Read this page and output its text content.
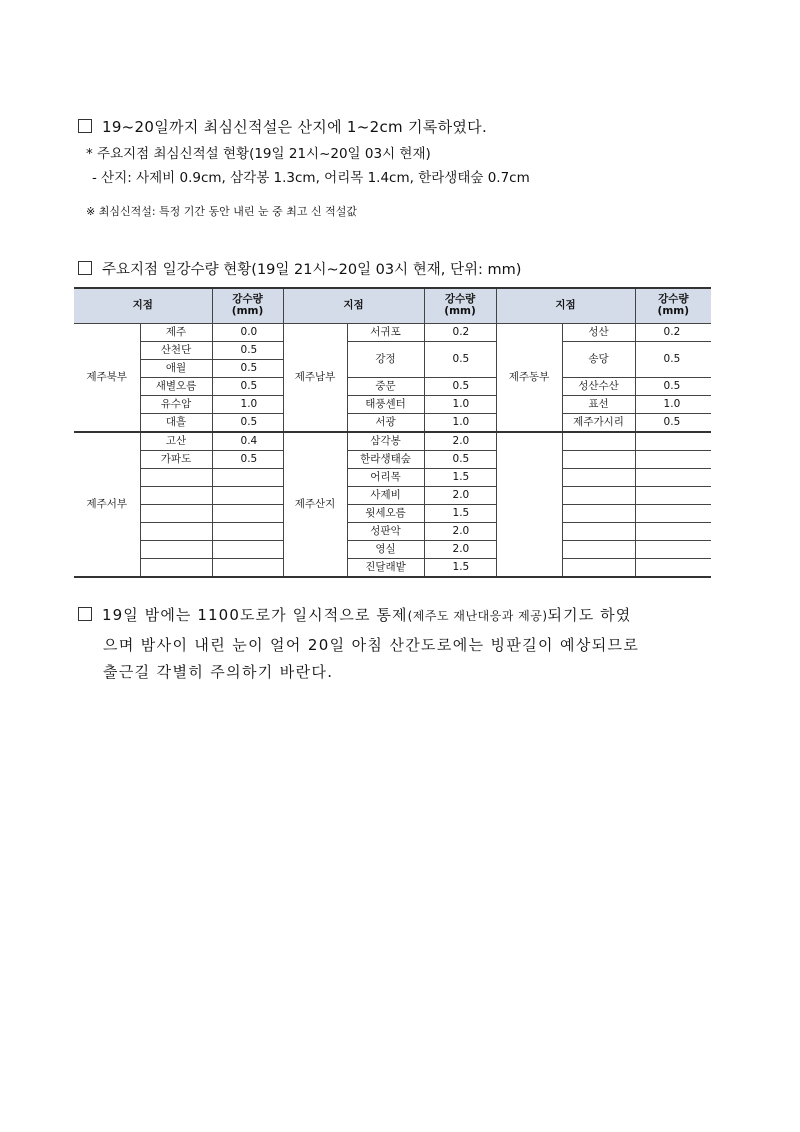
19~20일까지 최심신적설은 산지에 1~2cm 기록하였다.
* 주요지점 최심신적설 현황(19일 21시~20일 03시 현재)
- 산지: 사제비 0.9cm, 삼각봉 1.3cm, 어리목 1.4cm, 한라생태숲 0.7cm
※ 최심신적설: 특정 기간 동안 내린 눈 중 최고 신 적설값
주요지점 일강수량 현황(19일 21시~20일 03시 현재, 단위: mm)
지점		강수량
(mm)	지점		강수량
(mm)	지점		강수량
(mm)
제주북부	제주	0.0	제주남부	서귀포	0.2	제주동부	성산	0.2
	산천단	0.5		강정	0.5		송당	0.5
	애월	0.5						
	새별오름	0.5		중문	0.5		성산수산	0.5
	유수암	1.0		태풍센터	1.0		표선	1.0
	대흘	0.5		서광	1.0		제주가시리	0.5
제주서부	고산	0.4	제주산지	삼각봉	2.0			
	가파도	0.5		한라생태숲	0.5			
				어리목	1.5			
				사제비	2.0			
				윗세오름	1.5			
				성판악	2.0			
				영실	2.0			
				진달래밭	1.5			
19일 밤에는 1100도로가 일시적으로 통제(제주도 재난대응과 제공)되기도 하였
으며 밤사이 내린 눈이 얼어 20일 아침 산간도로에는 빙판길이 예상되므로
출근길 각별히 주의하기 바란다.
